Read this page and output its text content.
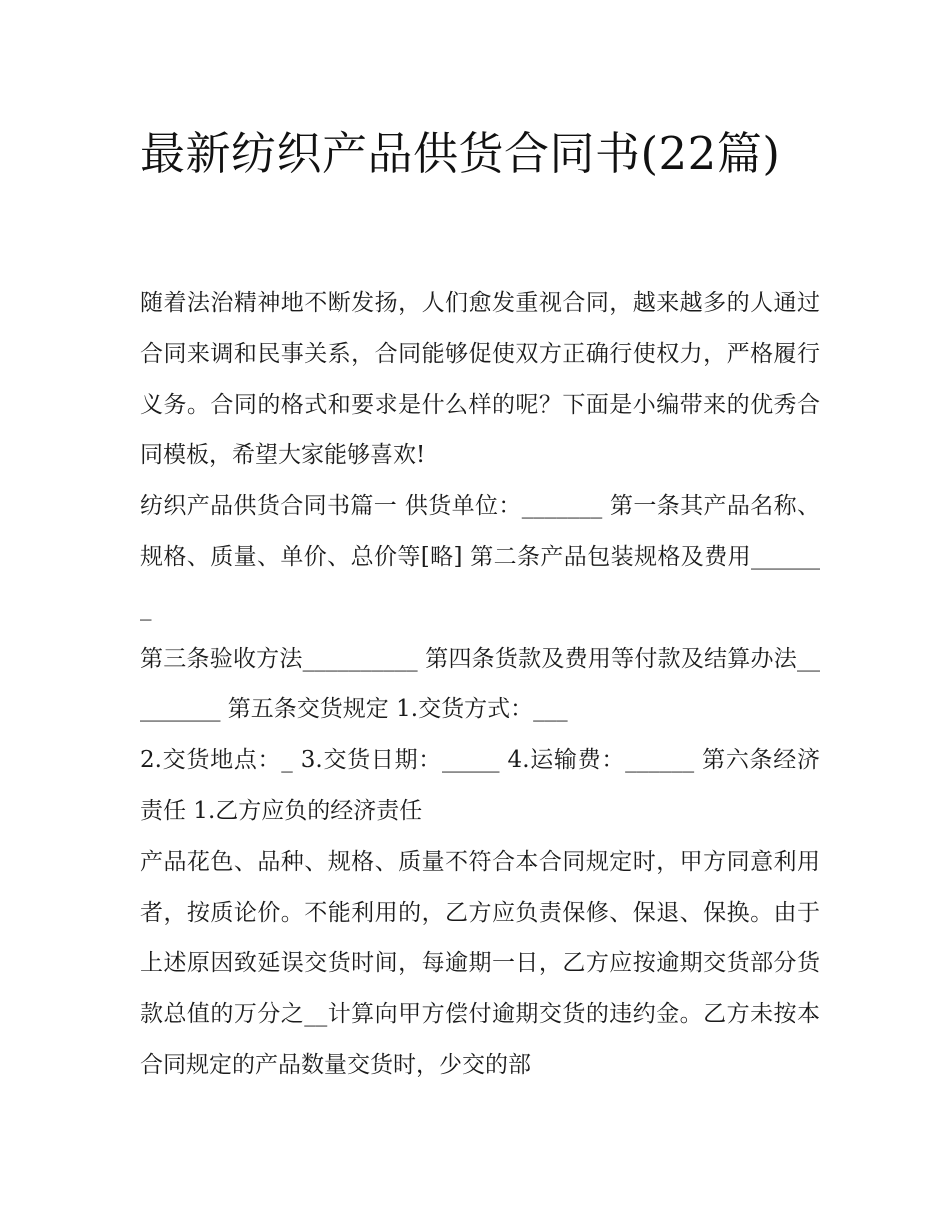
最新纺织产品供货合同书(22篇)

随着法治精神地不断发扬，人们愈发重视合同，越来越多的人通过合同来调和民事关系，合同能够促使双方正确行使权力，严格履行义务。合同的格式和要求是什么样的呢？下面是小编带来的优秀合同模板，希望大家能够喜欢!

纺织产品供货合同书篇一 供货单位：_______ 第一条其产品名称、规格、质量、单价、总价等[略] 第二条产品包装规格及费用_______

第三条验收方法__________ 第四条货款及费用等付款及结算办法_________ 第五条交货规定 1.交货方式：___

2.交货地点：_ 3.交货日期：_____ 4.运输费：______ 第六条经济责任 1.乙方应负的经济责任

产品花色、品种、规格、质量不符合本合同规定时，甲方同意利用者，按质论价。不能利用的，乙方应负责保修、保退、保换。由于上述原因致延误交货时间，每逾期一日，乙方应按逾期交货部分货款总值的万分之__计算向甲方偿付逾期交货的违约金。乙方未按本合同规定的产品数量交货时，少交的部
